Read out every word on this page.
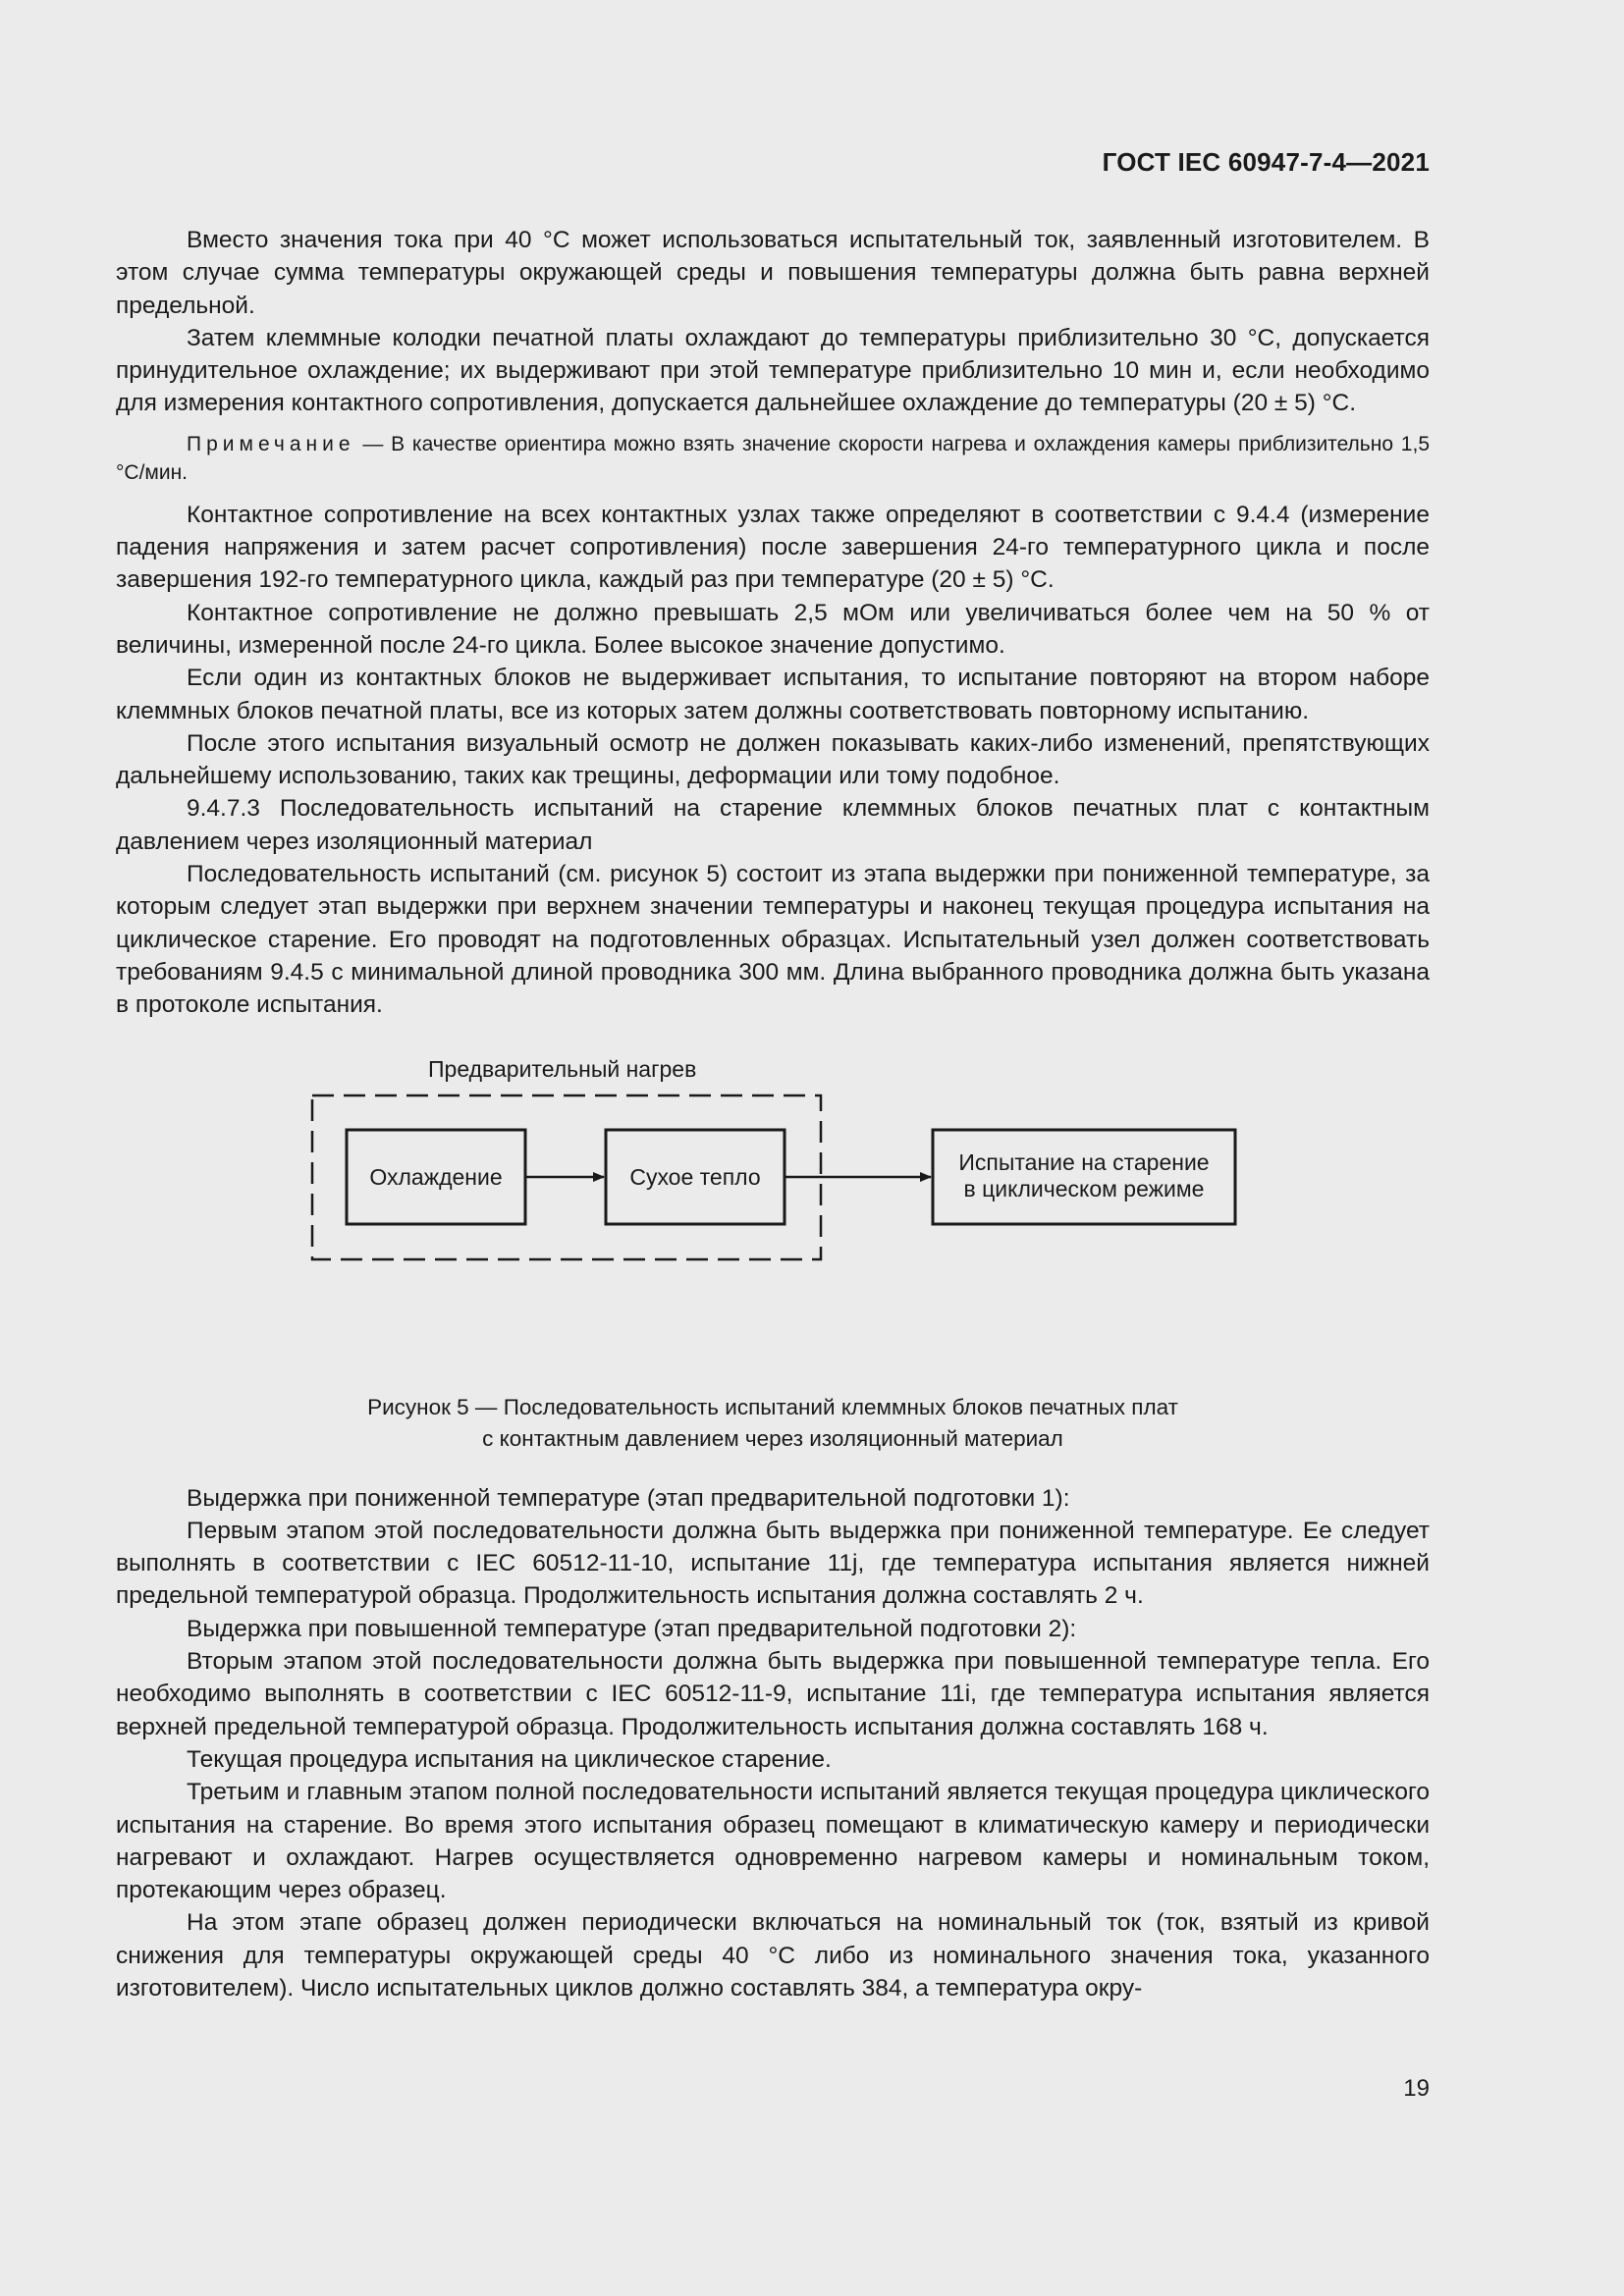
ГОСТ IEC 60947-7-4—2021

Вместо значения тока при 40 °C может использоваться испытательный ток, заявленный изготовителем. В этом случае сумма температуры окружающей среды и повышения температуры должна быть равна верхней предельной.

Затем клеммные колодки печатной платы охлаждают до температуры приблизительно 30 °C, допускается принудительное охлаждение; их выдерживают при этой температуре приблизительно 10 мин и, если необходимо для измерения контактного сопротивления, допускается дальнейшее охлаждение до температуры (20 ± 5) °C.

Примечание — В качестве ориентира можно взять значение скорости нагрева и охлаждения камеры приблизительно 1,5 °C/мин.

Контактное сопротивление на всех контактных узлах также определяют в соответствии с 9.4.4 (измерение падения напряжения и затем расчет сопротивления) после завершения 24-го температурного цикла и после завершения 192-го температурного цикла, каждый раз при температуре (20 ± 5) °C.

Контактное сопротивление не должно превышать 2,5 мОм или увеличиваться более чем на 50 % от величины, измеренной после 24-го цикла. Более высокое значение допустимо.

Если один из контактных блоков не выдерживает испытания, то испытание повторяют на втором наборе клеммных блоков печатной платы, все из которых затем должны соответствовать повторному испытанию.

После этого испытания визуальный осмотр не должен показывать каких-либо изменений, препятствующих дальнейшему использованию, таких как трещины, деформации или тому подобное.

9.4.7.3 Последовательность испытаний на старение клеммных блоков печатных плат с контактным давлением через изоляционный материал

Последовательность испытаний (см. рисунок 5) состоит из этапа выдержки при пониженной температуре, за которым следует этап выдержки при верхнем значении температуры и наконец текущая процедура испытания на циклическое старение. Его проводят на подготовленных образцах. Испытательный узел должен соответствовать требованиям 9.4.5 с минимальной длиной проводника 300 мм. Длина выбранного проводника должна быть указана в протоколе испытания.

Предварительный нагрев
Охлаждение	Сухое тепло
Испытание на старение
в циклическом режиме

Рисунок 5 — Последовательность испытаний клеммных блоков печатных плат

с контактным давлением через изоляционный материал

Выдержка при пониженной температуре (этап предварительной подготовки 1):

Первым этапом этой последовательности должна быть выдержка при пониженной температуре. Ее следует выполнять в соответствии с IEC 60512-11-10, испытание 11j, где температура испытания является нижней предельной температурой образца. Продолжительность испытания должна составлять 2 ч.

Выдержка при повышенной температуре (этап предварительной подготовки 2):

Вторым этапом этой последовательности должна быть выдержка при повышенной температуре тепла. Его необходимо выполнять в соответствии с IEC 60512-11-9, испытание 11i, где температура испытания является верхней предельной температурой образца. Продолжительность испытания должна составлять 168 ч.

Текущая процедура испытания на циклическое старение.

Третьим и главным этапом полной последовательности испытаний является текущая процедура циклического испытания на старение. Во время этого испытания образец помещают в климатическую камеру и периодически нагревают и охлаждают. Нагрев осуществляется одновременно нагревом камеры и номинальным током, протекающим через образец.

На этом этапе образец должен периодически включаться на номинальный ток (ток, взятый из кривой снижения для температуры окружающей среды 40 °C либо из номинального значения тока, указанного изготовителем). Число испытательных циклов должно составлять 384, а температура окру-

19
